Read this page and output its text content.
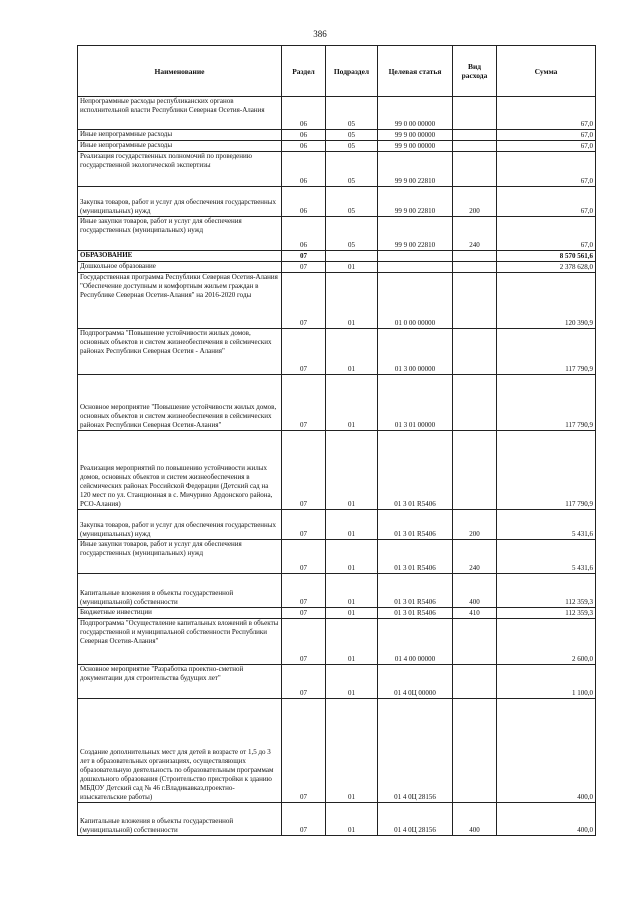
386
Наименование	Раздел	Подраздел	Целевая статья	Вид расхода	Сумма
Непрограммные расходы республиканских органов исполнительной власти Республики Северная Осетия-Алания	06	05	99 0 00 00000		67,0
Иные непрограммные расходы	06	05	99 9 00 00000		67,0
Иные непрограммные расходы	06	05	99 9 00 00000		67,0
Реализация государственных полномочий по проведению государственной экологической экспертизы	06	05	99 9 00 22810		67,0
Закупка товаров, работ и услуг для обеспечения государственных (муниципальных) нужд	06	05	99 9 00 22810	200	67,0
Иные закупки товаров, работ и услуг для обеспечения государственных (муниципальных) нужд	06	05	99 9 00 22810	240	67,0
ОБРАЗОВАНИЕ	07				8 570 561,6
Дошкольное образование	07	01			2 378 628,0
Государственная программа Республики Северная Осетия-Алания "Обеспечение доступным и комфортным жильем граждан в Республике Северная Осетия-Алания" на 2016-2020 годы	07	01	01 0 00 00000		120 390,9
Подпрограмма "Повышение устойчивости жилых домов, основных объектов и систем жизнеобеспечения в сейсмических районах Республики Северная Осетия - Алания"	07	01	01 3 00 00000		117 790,9
Основное мероприятие "Повышение устойчивости жилых домов, основных объектов и систем жизнеобеспечения в сейсмических районах Республики Северная Осетия-Алания"	07	01	01 3 01 00000		117 790,9
Реализация мероприятий по повышению устойчивости жилых домов, основных объектов и систем жизнеобеспечения в сейсмических районах Российской Федерации (Детский сад на 120 мест по ул. Станционная в с. Мичурино Ардонского района, РСО-Алания)	07	01	01 3 01 R5406		117 790,9
Закупка товаров, работ и услуг для обеспечения государственных (муниципальных) нужд	07	01	01 3 01 R5406	200	5 431,6
Иные закупки товаров, работ и услуг для обеспечения государственных (муниципальных) нужд	07	01	01 3 01 R5406	240	5 431,6
Капитальные вложения в объекты государственной (муниципальной) собственности	07	01	01 3 01 R5406	400	112 359,3
Бюджетные инвестиции	07	01	01 3 01 R5406	410	112 359,3
Подпрограмма "Осуществление капитальных вложений в объекты государственной и муниципальной собственности Республики Северная Осетия-Алания"	07	01	01 4 00 00000		2 600,0
Основное мероприятие "Разработка проектно-сметной документации для строительства будущих лет"	07	01	01 4 0Ц 00000		1 100,0
Создание дополнительных мест для детей в возрасте от 1,5 до 3 лет в образовательных организациях, осуществляющих образовательную деятельность по образовательным программам дошкольного образования (Строительство пристройки к зданию МБДОУ Детский сад № 46 г.Владикавказ,проектно-изыскательские работы)	07	01	01 4 0Ц 28156		400,0
Капитальные вложения в объекты государственной (муниципальной) собственности	07	01	01 4 0Ц 28156	400	400,0
